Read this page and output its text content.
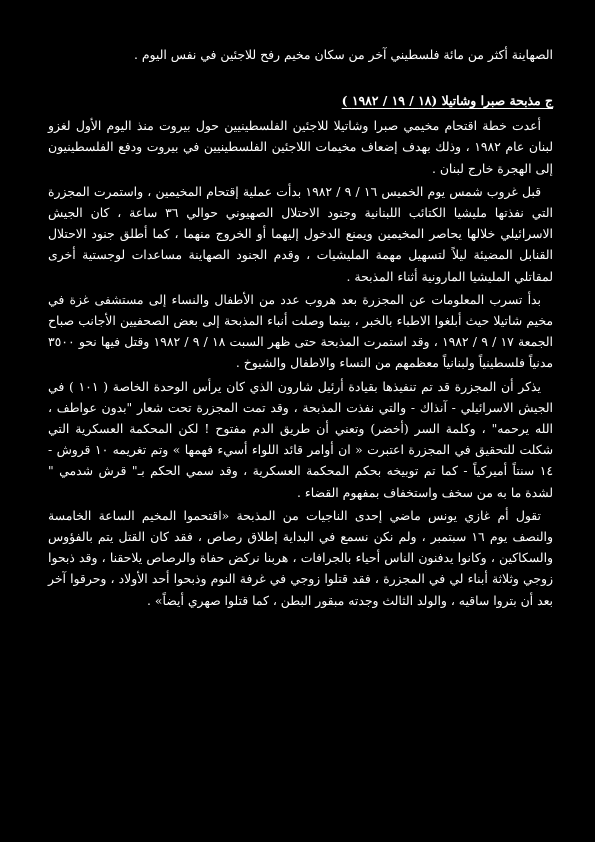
الصهاينة أكثر من مائة فلسطيني آخر من سكان مخيم رفح للاجئين في نفس اليوم .

ج مذبحة صبرا وشاتيلا (١٨ / ١٩ / ١٩٨٢ )

أعدت خطة اقتحام مخيمي صبرا وشاتيلا للاجئين الفلسطينيين حول بيروت منذ اليوم الأول لغزو لبنان عام ١٩٨٢ ، وذلك بهدف إضعاف مخيمات اللاجئين الفلسطينيين في بيروت ودفع الفلسطينيون إلى الهجرة خارج لبنان .

قبل غروب شمس يوم الخميس ١٦ / ٩ / ١٩٨٢ بدأت عملية إقتحام المخيمين ، واستمرت المجزرة التي نفذتها مليشيا الكتائب اللبنانية وجنود الاحتلال الصهيوني حوالي ٣٦ ساعة ، كان الجيش الاسرائيلي خلالها يحاصر المخيمين ويمنع الدخول إليهما أو الخروج منهما ، كما أطلق جنود الاحتلال القنابل المضيئة ليلاً لتسهيل مهمة المليشيات ، وقدم الجنود الصهاينة مساعدات لوجستية أخرى لمقاتلي المليشيا المارونية أثناء المذبحة .

بدأ تسرب المعلومات عن المجزرة بعد هروب عدد من الأطفال والنساء إلى مستشفى غزة في مخيم شاتيلا حيث أبلغوا الاطباء بالخبر ، بينما وصلت أنباء المذبحة إلى بعض الصحفيين الأجانب صباح الجمعة ١٧ / ٩ / ١٩٨٢ ، وقد استمرت المذبحة حتى ظهر السبت ١٨ / ٩ / ١٩٨٢ وقتل فيها نحو ٣٥٠٠ مدنياً فلسطينياً ولبنانياً معظمهم من النساء والاطفال والشيوخ .

يذكر أن المجزرة قد تم تنفيذها بقيادة أرئيل شارون الذي كان يرأس الوحدة الخاصة ( ١٠١ ) في الجيش الاسرائيلي - آنذاك - والتي نفذت المذبحة ، وقد تمت المجزرة تحت شعار "بدون عواطف ، الله يرحمه" ، وكلمة السر (أخضر) وتعني أن طريق الدم مفتوح ! لكن المحكمة العسكرية التي شكلت للتحقيق في المجزرة اعتبرت « ان أوامر قائد اللواء أسيء فهمها » وتم تغريمه ١٠ قروش - ١٤ سنتاً أميركياً - كما تم توبيخه بحكم المحكمة العسكرية ، وقد سمي الحكم بـ" قرش شدمي " لشدة ما به من سخف واستخفاف بمفهوم القضاء .

تقول أم غازي يونس ماضي إحدى الناجيات من المذبحة «اقتحموا المخيم الساعة الخامسة والنصف يوم ١٦ سبتمبر ، ولم نكن نسمع في البداية إطلاق رصاص ، فقد كان القتل يتم بالفؤوس والسكاكين ، وكانوا يدفنون الناس أحياء بالجرافات ، هربنا نركض حفاة والرصاص يلاحقنا ، وقد ذبحوا زوجي وثلاثة أبناء لي في المجزرة ، فقد قتلوا زوجي في غرفة النوم وذبحوا أحد الأولاد ، وحرقوا آخر بعد أن بتروا ساقيه ، والولد الثالث وجدته مبقور البطن ، كما قتلوا صهري أيضاً» .
